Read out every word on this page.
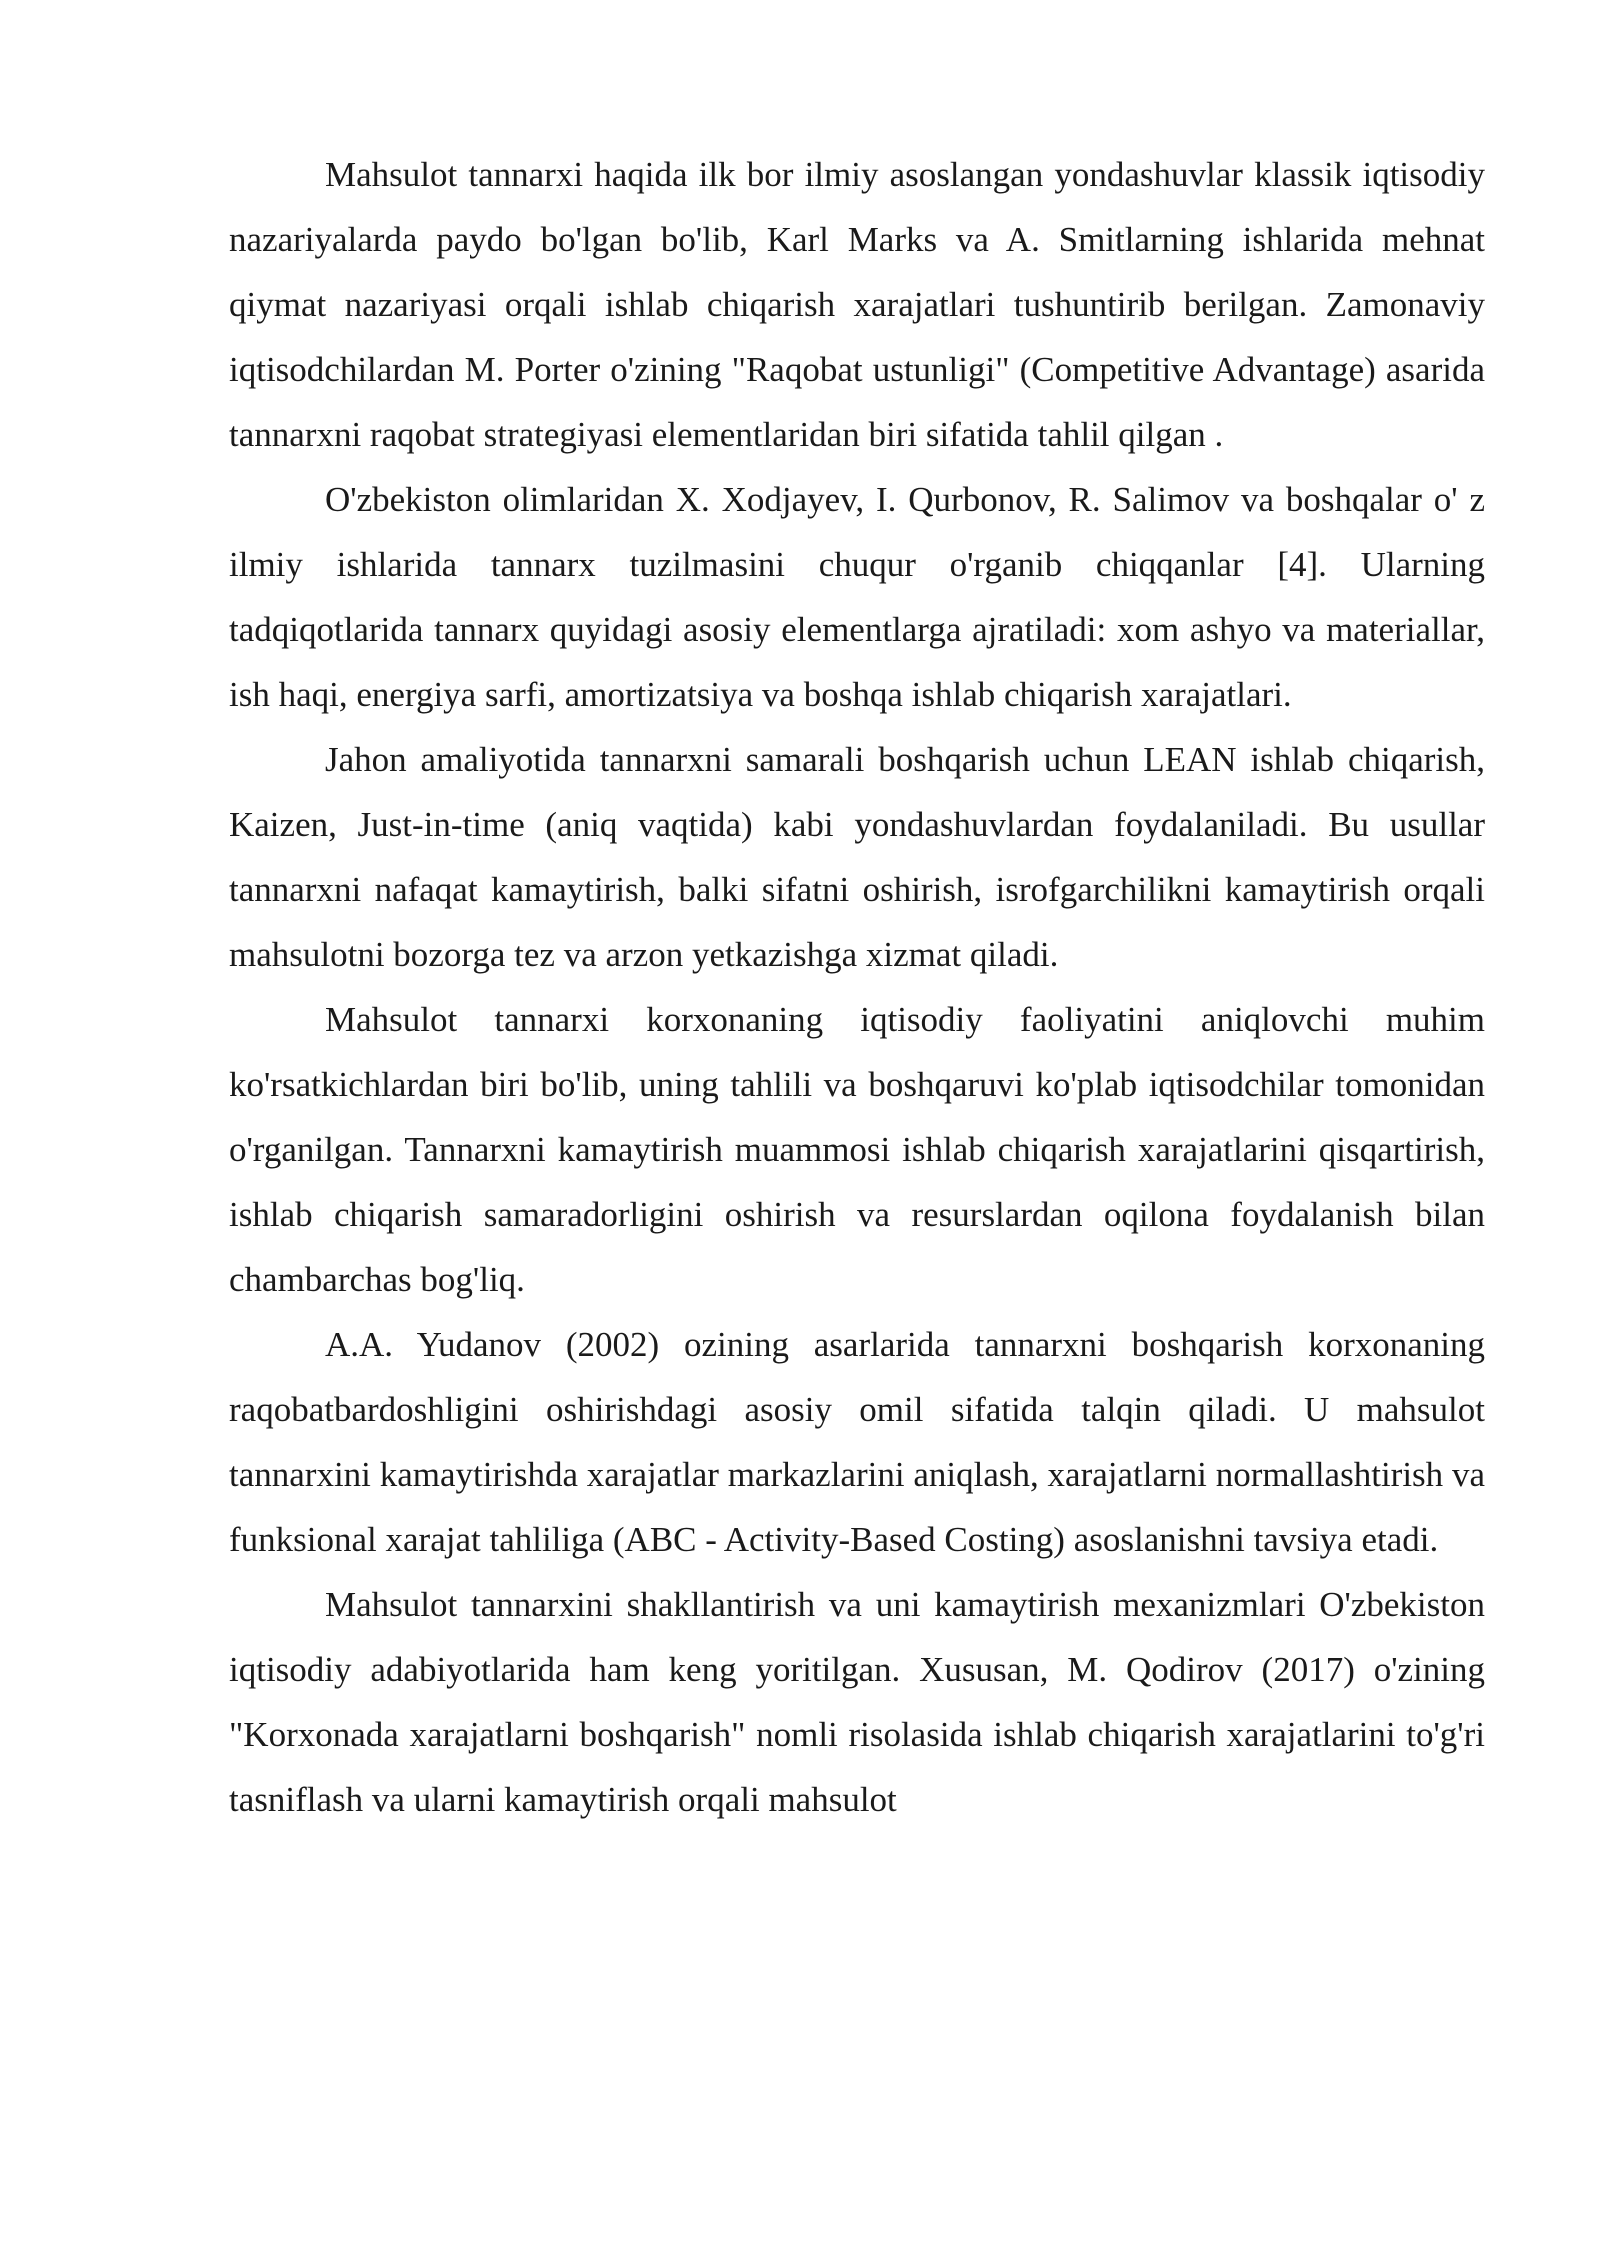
Mahsulot tannarxi haqida ilk bor ilmiy asoslangan yondashuvlar klassik iqtisodiy nazariyalarda paydo bo'lgan bo'lib, Karl Marks va A. Smitlarning ishlarida mehnat qiymat nazariyasi orqali ishlab chiqarish xarajatlari tushuntirib berilgan. Zamonaviy iqtisodchilardan M. Porter o'zining "Raqobat ustunligi" (Competitive Advantage) asarida tannarxni raqobat strategiyasi elementlaridan biri sifatida tahlil qilgan .

O'zbekiston olimlaridan X. Xodjayev, I. Qurbonov, R. Salimov va boshqalar o' z ilmiy ishlarida tannarx tuzilmasini chuqur o'rganib chiqqanlar [4]. Ularning tadqiqotlarida tannarx quyidagi asosiy elementlarga ajratiladi: xom ashyo va materiallar, ish haqi, energiya sarfi, amortizatsiya va boshqa ishlab chiqarish xarajatlari.

Jahon amaliyotida tannarxni samarali boshqarish uchun LEAN ishlab chiqarish, Kaizen, Just-in-time (aniq vaqtida) kabi yondashuvlardan foydalaniladi. Bu usullar tannarxni nafaqat kamaytirish, balki sifatni oshirish, isrofgarchilikni kamaytirish orqali mahsulotni bozorga tez va arzon yetkazishga xizmat qiladi.

Mahsulot tannarxi korxonaning iqtisodiy faoliyatini aniqlovchi muhim ko'rsatkichlardan biri bo'lib, uning tahlili va boshqaruvi ko'plab iqtisodchilar tomonidan o'rganilgan. Tannarxni kamaytirish muammosi ishlab chiqarish xarajatlarini qisqartirish, ishlab chiqarish samaradorligini oshirish va resurslardan oqilona foydalanish bilan chambarchas bog'liq.

A.A. Yudanov (2002) ozining asarlarida tannarxni boshqarish korxonaning raqobatbardoshligini oshirishdagi asosiy omil sifatida talqin qiladi. U mahsulot tannarxini kamaytirishda xarajatlar markazlarini aniqlash, xarajatlarni normallashtirish va funksional xarajat tahliliga (ABC - Activity-Based Costing) asoslanishni tavsiya etadi.

Mahsulot tannarxini shakllantirish va uni kamaytirish mexanizmlari O'zbekiston iqtisodiy adabiyotlarida ham keng yoritilgan. Xususan, M. Qodirov (2017) o'zining "Korxonada xarajatlarni boshqarish" nomli risolasida ishlab chiqarish xarajatlarini to'g'ri tasniflash va ularni kamaytirish orqali mahsulot
